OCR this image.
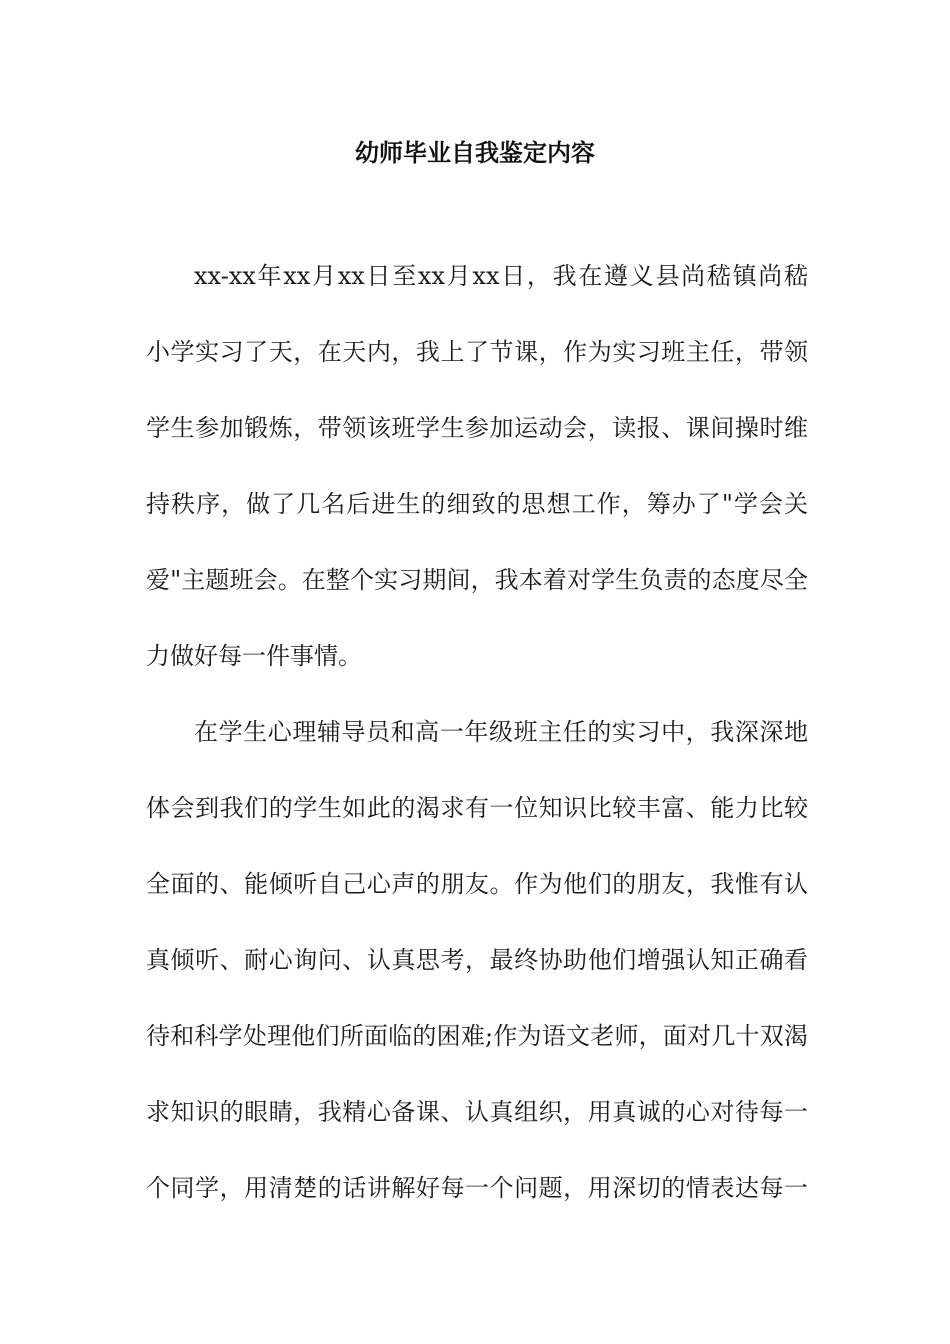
幼师毕业自我鉴定内容
xx-xx年xx月xx日至xx月xx日，我在遵义县尚嵇镇尚嵇
小学实习了天，在天内，我上了节课，作为实习班主任，带领
学生参加锻炼，带领该班学生参加运动会，读报、课间操时维
持秩序，做了几名后进生的细致的思想工作，筹办了"学会关
爱"主题班会。在整个实习期间，我本着对学生负责的态度尽全
力做好每一件事情。
在学生心理辅导员和高一年级班主任的实习中，我深深地
体会到我们的学生如此的渴求有一位知识比较丰富、能力比较
全面的、能倾听自己心声的朋友。作为他们的朋友，我惟有认
真倾听、耐心询问、认真思考，最终协助他们增强认知正确看
待和科学处理他们所面临的困难;作为语文老师，面对几十双渴
求知识的眼睛，我精心备课、认真组织，用真诚的心对待每一
个同学，用清楚的话讲解好每一个问题，用深切的情表达每一
